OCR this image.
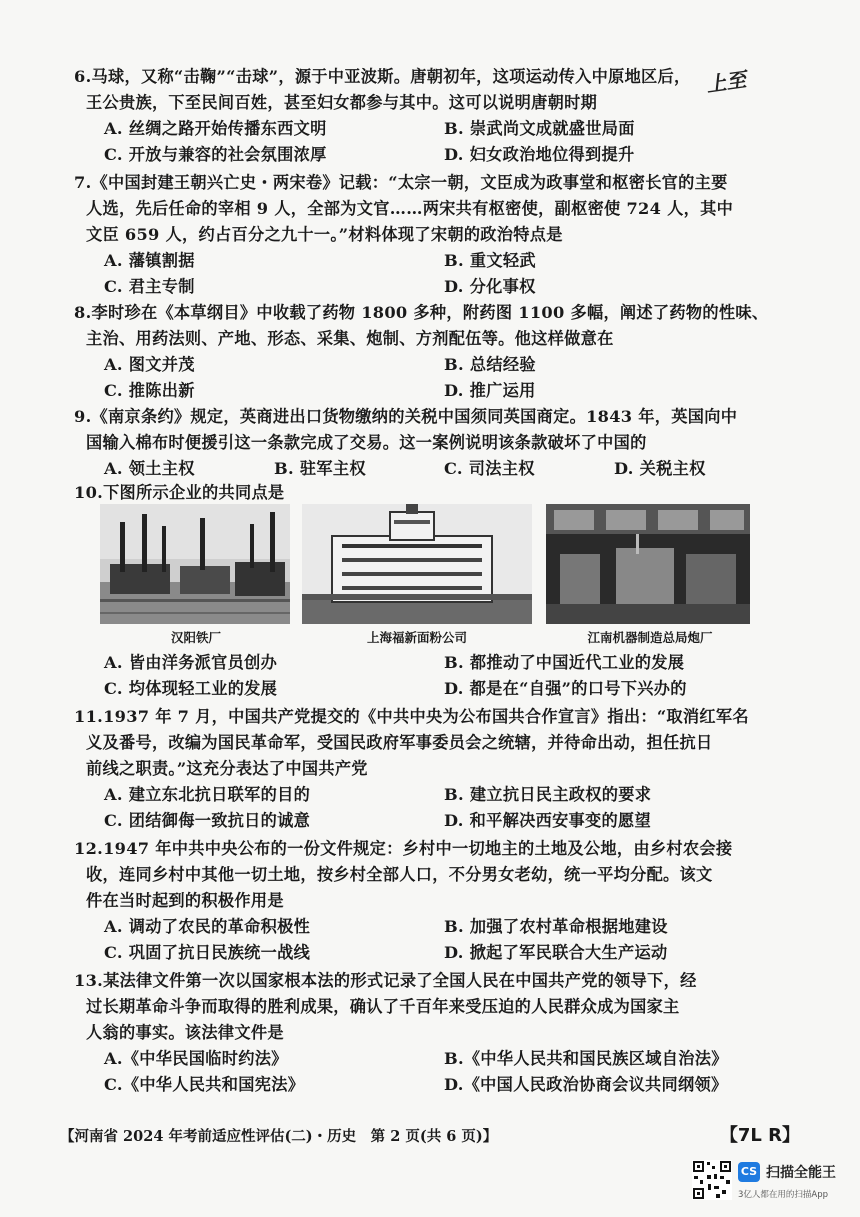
6.马球，又称“击鞠”“击球”，源于中亚波斯。唐朝初年，这项运动传入中原地区后，
王公贵族，下至民间百姓，甚至妇女都参与其中。这可以说明唐朝时期

A. 丝绸之路开始传播东西文明	B. 崇武尚文成就盛世局面
C. 开放与兼容的社会氛围浓厚	D. 妇女政治地位得到提升
上至

7.《中国封建王朝兴亡史・两宋卷》记载：“太宗一朝，文臣成为政事堂和枢密长官的主要
人选，先后任命的宰相 9 人，全部为文官……两宋共有枢密使，副枢密使 724 人，其中
文臣 659 人，约占百分之九十一。”材料体现了宋朝的政治特点是

A. 藩镇割据	B. 重文轻武
C. 君主专制	D. 分化事权

8.李时珍在《本草纲目》中收载了药物 1800 多种，附药图 1100 多幅，阐述了药物的性味、
主治、用药法则、产地、形态、采集、炮制、方剂配伍等。他这样做意在

A. 图文并茂	B. 总结经验
C. 推陈出新	D. 推广运用

9.《南京条约》规定，英商进出口货物缴纳的关税中国须同英国商定。1843 年，英国向中
国输入棉布时便援引这一条款完成了交易。这一案例说明该条款破坏了中国的

A. 领土主权	B. 驻军主权	C. 司法主权	D. 关税主权

10.下图所示企业的共同点是

汉阳铁厂	上海福新面粉公司	江南机器制造总局炮厂
A. 皆由洋务派官员创办	B. 都推动了中国近代工业的发展
C. 均体现轻工业的发展	D. 都是在“自强”的口号下兴办的

11.1937 年 7 月，中国共产党提交的《中共中央为公布国共合作宣言》指出：“取消红军名
义及番号，改编为国民革命军，受国民政府军事委员会之统辖，并待命出动，担任抗日
前线之职责。”这充分表达了中国共产党

A. 建立东北抗日联军的目的	B. 建立抗日民主政权的要求
C. 团结御侮一致抗日的诚意	D. 和平解决西安事变的愿望

12.1947 年中共中央公布的一份文件规定：乡村中一切地主的土地及公地，由乡村农会接
收，连同乡村中其他一切土地，按乡村全部人口，不分男女老幼，统一平均分配。该文
件在当时起到的积极作用是

A. 调动了农民的革命积极性	B. 加强了农村革命根据地建设
C. 巩固了抗日民族统一战线	D. 掀起了军民联合大生产运动

13.某法律文件第一次以国家根本法的形式记录了全国人民在中国共产党的领导下，经
过长期革命斗争而取得的胜利成果，确认了千百年来受压迫的人民群众成为国家主
人翁的事实。该法律文件是

A.《中华民国临时约法》	B.《中华人民共和国民族区域自治法》
C.《中华人民共和国宪法》	D.《中国人民政治协商会议共同纲领》
【河南省 2024 年考前适应性评估(二)・历史　第 2 页(共 6 页)】	【7L R】
CS 扫描全能王
3亿人都在用的扫描App
